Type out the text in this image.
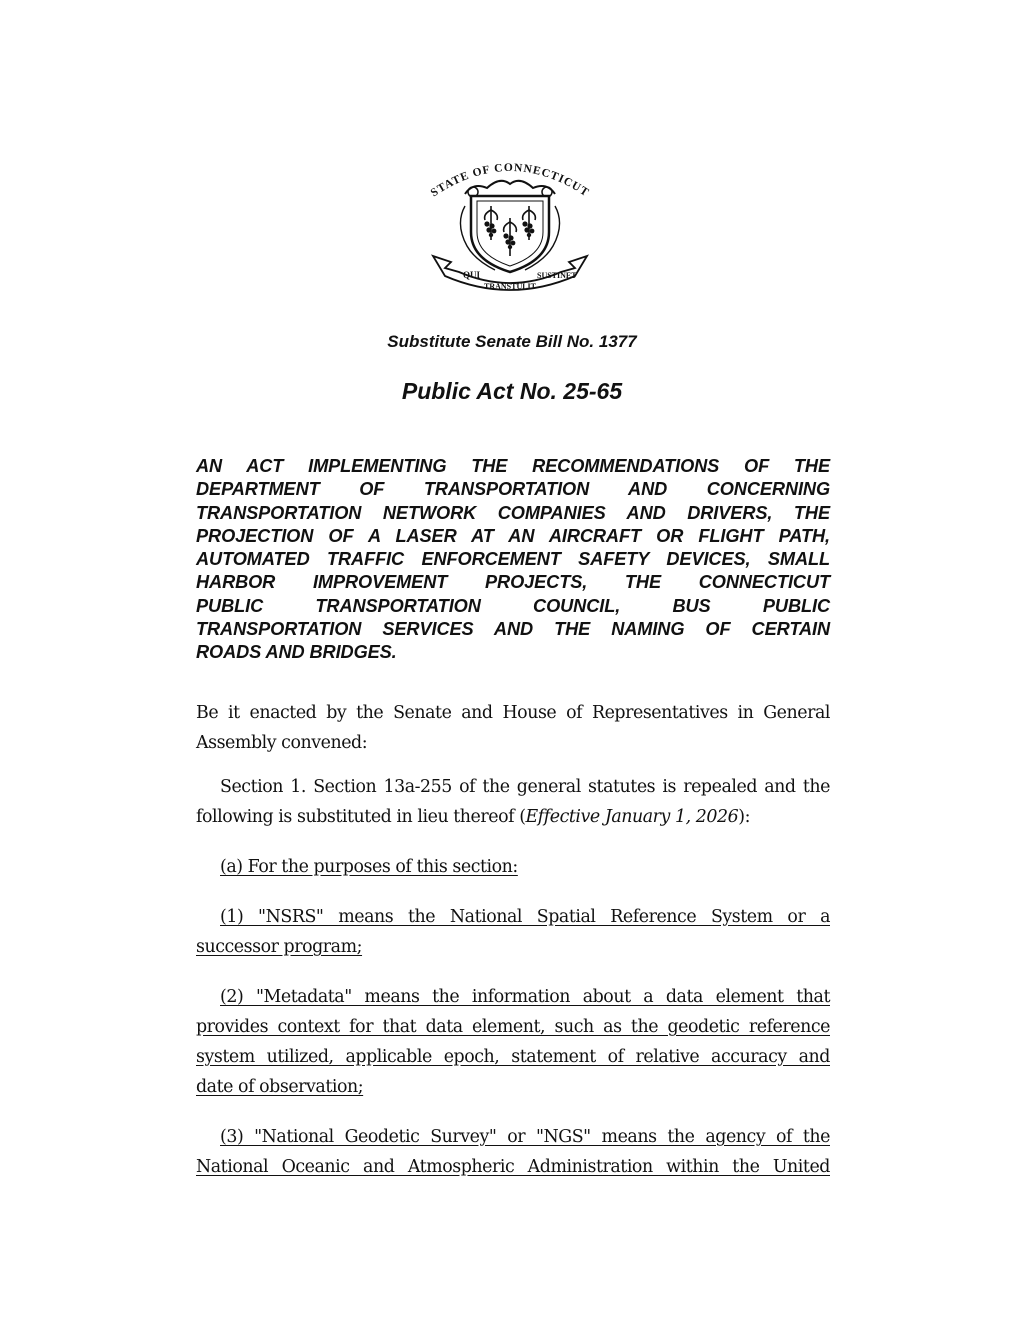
STATE OF CONNECTICUT
QUI
TRANSTULIT
SUSTINET
Substitute Senate Bill No. 1377
Public Act No. 25-65
AN ACT IMPLEMENTING THE RECOMMENDATIONS OF THE
DEPARTMENT OF TRANSPORTATION AND CONCERNING
TRANSPORTATION NETWORK COMPANIES AND DRIVERS, THE
PROJECTION OF A LASER AT AN AIRCRAFT OR FLIGHT PATH,
AUTOMATED TRAFFIC ENFORCEMENT SAFETY DEVICES, SMALL
HARBOR IMPROVEMENT PROJECTS, THE CONNECTICUT
PUBLIC TRANSPORTATION COUNCIL, BUS PUBLIC
TRANSPORTATION SERVICES AND THE NAMING OF CERTAIN
ROADS AND BRIDGES.
Be it enacted by the Senate and House of Representatives in General
Assembly convened:
Section 1. Section 13a-255 of the general statutes is repealed and the
following is substituted in lieu thereof (Effective January 1, 2026):
(a) For the purposes of this section:
(1) "NSRS" means the National Spatial Reference System or a
successor program;
(2) "Metadata" means the information about a data element that
provides context for that data element, such as the geodetic reference
system utilized, applicable epoch, statement of relative accuracy and
date of observation;
(3) "National Geodetic Survey" or "NGS" means the agency of the
National Oceanic and Atmospheric Administration within the United
